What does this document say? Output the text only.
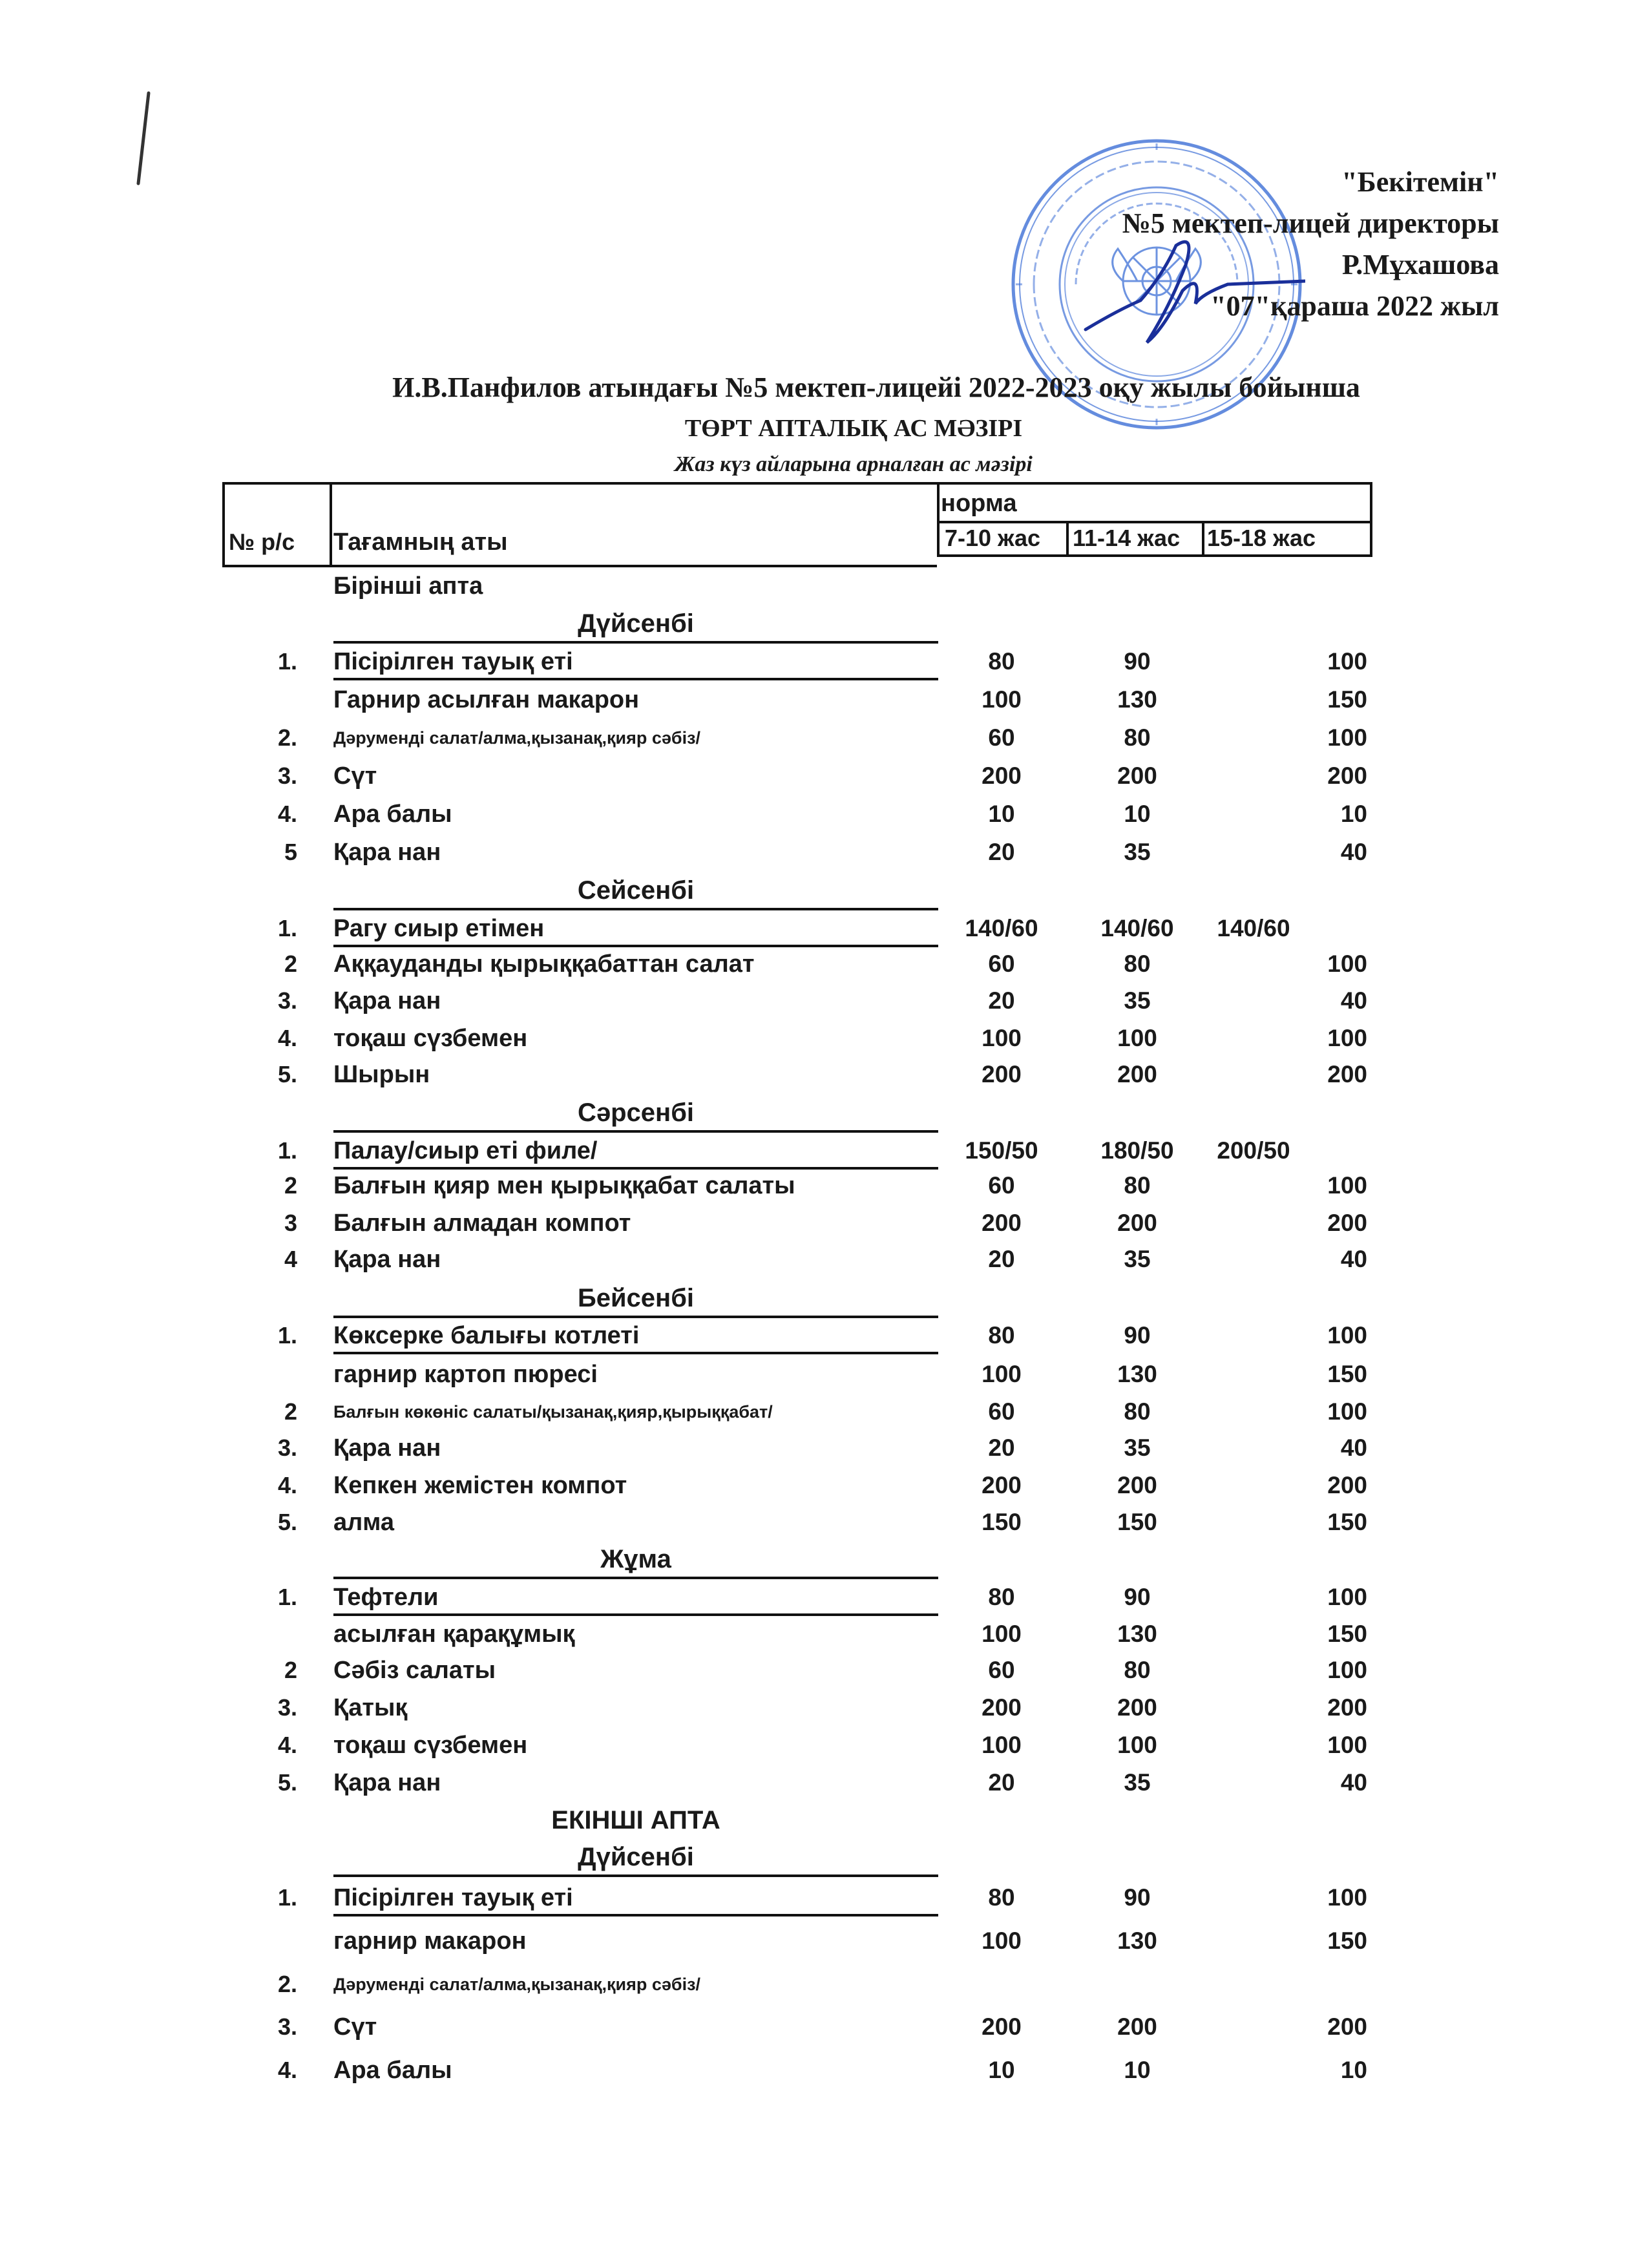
"Бекітемін"
№5 мектеп-лицей директоры
Р.Мұхашова
"07"қараша 2022 жыл
И.В.Панфилов атындағы №5 мектеп-лицейі 2022-2023 оқу жылы бойынша
ТӨРТ АПТАЛЫҚ АС МӘЗІРІ
Жаз күз айларына арналған ас мәзірі
№ р/с Тағамның аты
норма
7-10 жас 11-14 жас 15-18 жас
Бірінші апта
Дүйсенбі
1. Пісірілген тауық еті	80	90	100
Гарнир асылған макарон	100	130	150
2. Дәруменді салат/алма,қызанақ,қияр сәбіз/	60	80	100
3. Сүт	200	200	200
4. Ара балы	10	10	10
5 Қара нан	20	35	40
Сейсенбі
1. Рагу сиыр етімен	140/60	140/60	140/60
2 Аққауданды қырыққабаттан салат	60	80	100
3. Қара нан	20	35	40
4. тоқаш сүзбемен	100	100	100
5. Шырын	200	200	200
Сәрсенбі
1. Палау/сиыр еті филе/	150/50	180/50	200/50
2 Балғын қияр мен қырыққабат салаты	60	80	100
3 Балғын алмадан компот	200	200	200
4 Қара нан	20	35	40
Бейсенбі
1. Көксерке балығы котлеті	80	90	100
гарнир картоп пюресі	100	130	150
2 Балғын көкөніс салаты/қызанақ,қияр,қырыққабат/	60	80	100
3. Қара нан	20	35	40
4. Кепкен жемістен компот	200	200	200
5. алма	150	150	150
Жұма
1. Тефтели	80	90	100
асылған қарақұмық	100	130	150
2 Сәбіз салаты	60	80	100
3. Қатық	200	200	200
4. тоқаш сүзбемен	100	100	100
5. Қара нан	20	35	40
ЕКІНШІ АПТА
Дүйсенбі
1. Пісірілген тауық еті	80	90	100
гарнир макарон	100	130	150
2. Дәруменді салат/алма,қызанақ,қияр сәбіз/
3. Сүт	200	200	200
4. Ара балы	10	10	10
